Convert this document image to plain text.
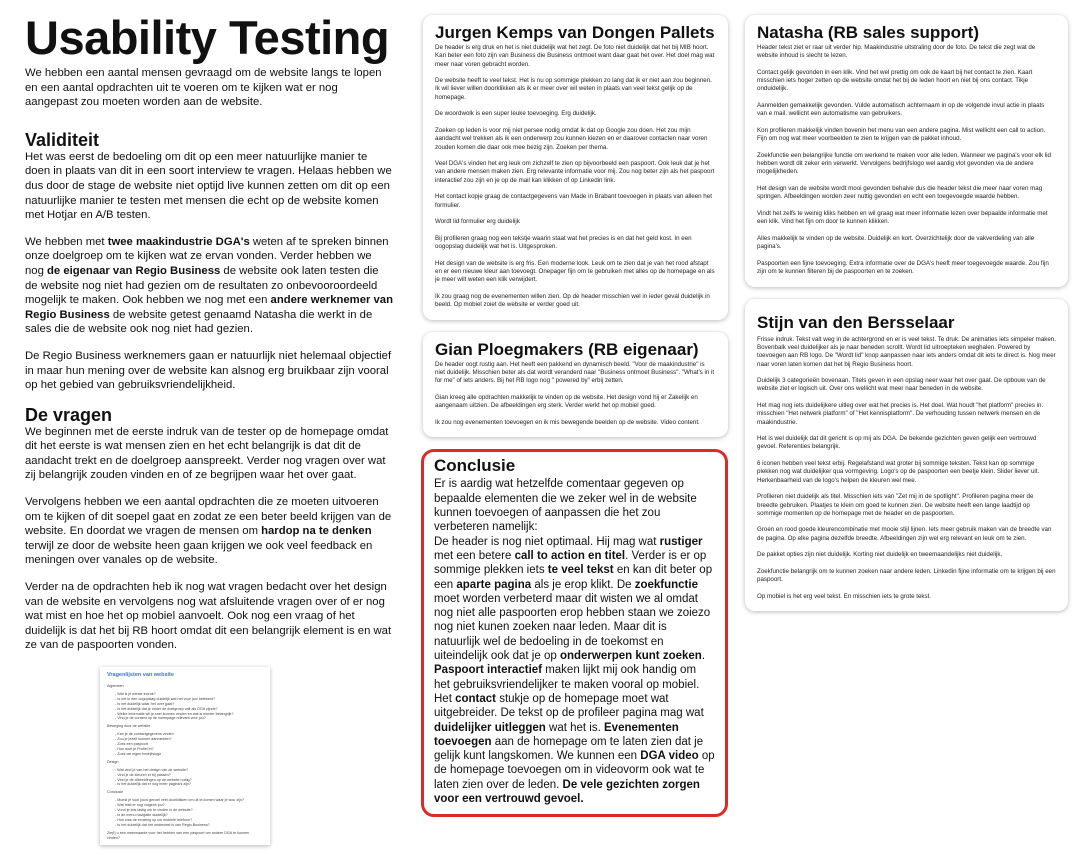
Usability Testing

We hebben een aantal mensen gevraagd om de website langs te lopen en een aantal opdrachten uit te voeren om te kijken wat er nog aangepast zou moeten worden aan de website.

Validiteit

Het was eerst de bedoeling om dit op een meer natuurlijke manier te doen in plaats van dit in een soort interview te vragen. Helaas hebben we dus door de stage de website niet optijd live kunnen zetten om dit op een natuurlijke manier te testen met mensen die echt op de website komen met Hotjar en A/B testen.

We hebben met twee maakindustrie DGA's weten af te spreken binnen onze doelgroep om te kijken wat ze ervan vonden. Verder hebben we nog de eigenaar van Regio Business de website ook laten testen die de website nog niet had gezien om de resultaten zo onbevooroordeeld mogelijk te maken. Ook hebben we nog met een andere werknemer van Regio Business de website getest genaamd Natasha die werkt in de sales die de website ook nog niet had gezien.

De Regio Business werknemers gaan er natuurlijk niet helemaal objectief in maar hun mening over de website kan alsnog erg bruikbaar zijn vooral op het gebied van gebruiksvriendelijkheid.

De vragen

We beginnen met de eerste indruk van de tester op de homepage omdat dit het eerste is wat mensen zien en het echt belangrijk is dat dit de aandacht trekt en de doelgroep aanspreekt. Verder nog vragen over wat zij belangrijk zouden vinden en of ze begrijpen waar het over gaat.

Vervolgens hebben we een aantal opdrachten die ze moeten uitvoeren om te kijken of dit soepel gaat en zodat ze een beter beeld krijgen van de website. En doordat we vragen de mensen om hardop na te denken terwijl ze door de website heen gaan krijgen we ook veel feedback en meningen over vanales op de website.

Verder na de opdrachten heb ik nog wat vragen bedacht over het design van de website en vervolgens nog wat afsluitende vragen over of er nog wat mist en hoe het op mobiel aanvoelt. Ook nog een vraag of het duidelijk is dat het bij RB hoort omdat dit een belangrijk element is en wat ze van de paspoorten vonden.

Vragenlijsten van website
Algemeen
- Wat is je eerste indruk?
- Is het in een oogopslag duidelijk wat het voor jou/ betekent?
- Is het duidelijk waar het over gaat?
- Is het duidelijk dat je onder de doelgroep valt als DGA zijnde?
- Welke informatie wil je snel kunnen vinden en wat is minder belangrijk?
- Vind je de content op de homepage relevant voor jou?
Beweging door de website
- Kan je de contactgegevens vinden
- Zou je jezelf kunnen aanmelden?
- Zoek een paspoort
- Hoe doet je Profiel in?
- Zoek we eigen bedrijfslogo
Design
- Wat vind je van het design van de website?
- Vind je de kleuren er bij passen?
- Vind je de afbeeldingen op de website nuttig?
- Is het duidelijk dat er nog meer pagina's zijn?
Conclusie
- Moest je voor jouw gevoel veel doorklikken om uit te komen waar je wou zijn?
- Wat mist er nog volgens jou?
- Vond je iets lastig om te vinden in de website?
- Is de menu navigatie duidelijk?
- Hoe was de ervaring op uw mobiele telefoon?
- Is het duidelijk dat het onderdeel is van Regio Business?
Zie(t) u een meerwaarde voor het hebben van een paspoort om andere DGA te kunnen vinden?
Jurgen Kemps van Dongen Pallets

De header is erg druk en het is niet duidelijk wat het zegt. De foto niet duidelijk dat het bij MIB hoort. Kan beter een foto zijn van Business die Business ontmoet want daar gaat het over. Het doel mag wat meer naar voren gebracht worden.

De website heeft te veel tekst. Het is nu op sommige plekken zo lang dat ik er niet aan zou beginnen. Ik wil liever willen doorklikken als ik er meer over wil weten in plaats van veel tekst gelijk op de homepage.

De woordwolk is een super leuke toevoeging. Erg duidelijk.

Zoeken op leden is voor mij niet persee nodig omdat ik dat op Google zou doen. Het zou mijn aandacht wel trekken als ik een onderwerp zou kunnen kiezen en er daarover contacten naar voren zouden komen die daar ook mee bezig zijn. Zoeken per thema.

Veel DGA's vinden het erg leuk om zichzelf te zien op bijvoorbeeld een paspoort. Ook leuk dat je het van andere mensen maken zien. Erg relevante informatie voor mij. Zou nog beter zijn als het paspoort interactief zou zijn en je op de mail kan klikken of op Linkedin link.

Het contact kopje graag de contactgegevens van Made in Brabant toevoegen in plaats van alleen het formulier.

Wordt lid formulier erg duidelijk

Bij profileren graag nog een tekstje waarin staat wat het precies is en dat het geld kost. In een oogopslag duidelijk wat het is. Uitgesproken.

Het design van de website is erg fris. Een moderne look. Leuk om te zien dat je van het rood afstapt en er een nieuwe kleur aan toevoegt. Onepager fijn om te gebruiken met alles op de homepage en als je meer wilt weten een klik verwijdert.

Ik zou graag nog de evenementen willen zien. Op de header misschien wel in ieder geval duidelijk in beeld. Op mobiel zoiet de website er verder goed uit.

Gian Ploegmakers (RB eigenaar)

De header oogt rustig aan. Het heeft een pakkend en dynamisch beeld. "Voor de maakindustrie" is niet duidelijk. Misschien beter als dat wordt veranderd naar "Business ontmoet Business". "What's in it for me" of iets anders. Bij het RB logo nog " powered by" erbij zetten.

Gian kreeg alle opdrachten makkelijk te vinden op de website. Het design vond hij er Zakelijk en aangenaam uitzien. De afbeeldingen erg sterk. Verder werkt het op mobiel goed.

Ik zou nog evenementen toevoegen en ik mis bewegende beelden op de website. Video content.

Conclusie

Er is aardig wat hetzelfde comentaar gegeven op bepaalde elementen die we zeker wel in de website kunnen toevoegen of aanpassen die het zou verbeteren namelijk:

De header is nog niet optimaal. Hij mag wat rustiger met een betere call to action en titel. Verder is er op sommige plekken iets te veel tekst en kan dit beter op een aparte pagina als je erop klikt. De zoekfunctie moet worden verbeterd maar dit wisten we al omdat nog niet alle paspoorten erop hebben staan we zoiezo nog niet kunen zoeken naar leden. Maar dit is natuurlijk wel de bedoeling in de toekomst en uiteindelijk ook dat je op onderwerpen kunt zoeken. Paspoort interactief maken lijkt mij ook handig om het gebruiksvriendelijker te maken vooral op mobiel. Het contact stukje op de homepage moet wat uitgebreider. De tekst op de profileer pagina mag wat duidelijker uitleggen wat het is. Evenementen toevoegen aan de homepage om te laten zien dat je gelijk kunt langskomen. We kunnen een DGA video op de homepage toevoegen om in videovorm ook wat te laten zien over de leden. De vele gezichten zorgen voor een vertrouwd gevoel.

Natasha (RB sales support)

Header tekst ziet er raar uit verder hip. Maakindustrie uitstraling door de foto. De tekst die zegt wat de website inhoud is slecht te lezen.

Contact gelijk gevonden in een klik. Vind het wel prettig om ook de kaart bij het contact te zien. Kaart misschien iets hoger zetten op de website omdat het bij de leden hoort en niet bij ons contact. Tikje onduidelijk.

Aanmelden gemakkelijk gevonden. Vulde automatisch achternaam in op de volgende invul actie in plaats van e mail. wellicht een automatisme van gebruikers.

Kon profileren makkelijk vinden bovenin het menu van een andere pagina. Mist wellicht een call to action. Fijn om nog wat meer voorbeelden te zien te krijgen van de pakket inhoud.

Zoekfunctie een belangrijke functie om werkend te maken voor alle leden. Wanneer we pagina's voor elk lid hebben wordt dit zeker erin verwerkt. Vervolgens bedrijfslogo wel aardig vlot gevonden via de andere mogelijkheden.

Het design van de website wordt mooi gevonden behalve dus die header tekst die meer naar voren mag springen. Afbeeldingen worden zeer nuttig gevonden en echt een toegevoegde waarde hebben.

Vindt het zelfs te weinig kliks hebben en wil graag wat meer informatie lezen over bepaalde informatie met een klik. Vind het fijn om door te kunnen klikken.

Alles makkelijk te vinden op de website. Duidelijk en kort. Overzichtelijk door de vakverdeling van alle pagina's.

Paspoorten een fijne toevoeging. Extra informatie over de DGA's heeft meer toegevoegde waarde. Zou fijn zijn om te kunnen filteren bij de paspoorten en te zoeken.

Stijn van den Bersselaar

Frisse indruk. Tekst valt weg in de achtergrond en er is veel tekst. Te druk. De animaties iets simpeler maken. Bovenbalk veel duidelijker als je naar beneden scrollt. Wordt lid uitroepteken weghalen. Powered by toevoegen aan RB logo. De "Wordt lid" knop aanpassen naar iets anders omdat dit iets te direct is. Nog meer naar voren laten komen dat het bij Regio Business hoort.

Duidelijk 3 categorieën bovenaan. Titels geven in een opslag neer waar het over gaat. De opbouw van de website ziet er logisch uit. Over ons wellicht wat meer naar beneden in de website.

Het mag nog iets duidelijkere uitleg over wat het precies is. Het doel. Wat houdt "het platform" precies in. misschien "Het netwerk platform" of "Het kennisplatform". De verhouding tussen netwerk mensen en de maakindustrie.

Het is wel duidelijk dat dit gericht is op mij als DGA. De bekende gezichten geven gelijk een vertrouwd gevoel. Referenties belangrijk.

6 iconen hebben veel tekst erbij. Regelafstand wat groter bij sommige teksten. Tekst kan op sommige plekken nog wat duidelijker qua vormgeving. Logo's op de paspoorten een beetje klein. Slider liever uit. Herkenbaarheid van de logo's helpen de kleuren wel mee.

Profileren niet duidelijk als titel. Misschien iets van "Zet mij in de spotlight". Profileren pagina meer de breedte gebruiken. Plaatjes te klein om goed te kunnen zien. De website heeft een lange laadtijd op sommige momenten op de homepage met de header en de paspoorten.

Groen en rood goede kleurencombinatie met mooie stijl lijnen. Iets meer gebruik maken van de breedte van de pagina. Op elke pagina dezelfde breedte. Afbeeldingen zijn wel erg relevant en leuk om te zien.

De pakket opties zijn niet duidelijk. Korting niet duidelijk en tweemaandelijks niet duidelijk.

Zoekfunctie belangrijk om te kunnen zoeken naar andere leden. Linkedin fijne informatie om te krijgen bij een paspoort.

Op mobiel is het erg veel tekst. En misschien iets te grote tekst.
